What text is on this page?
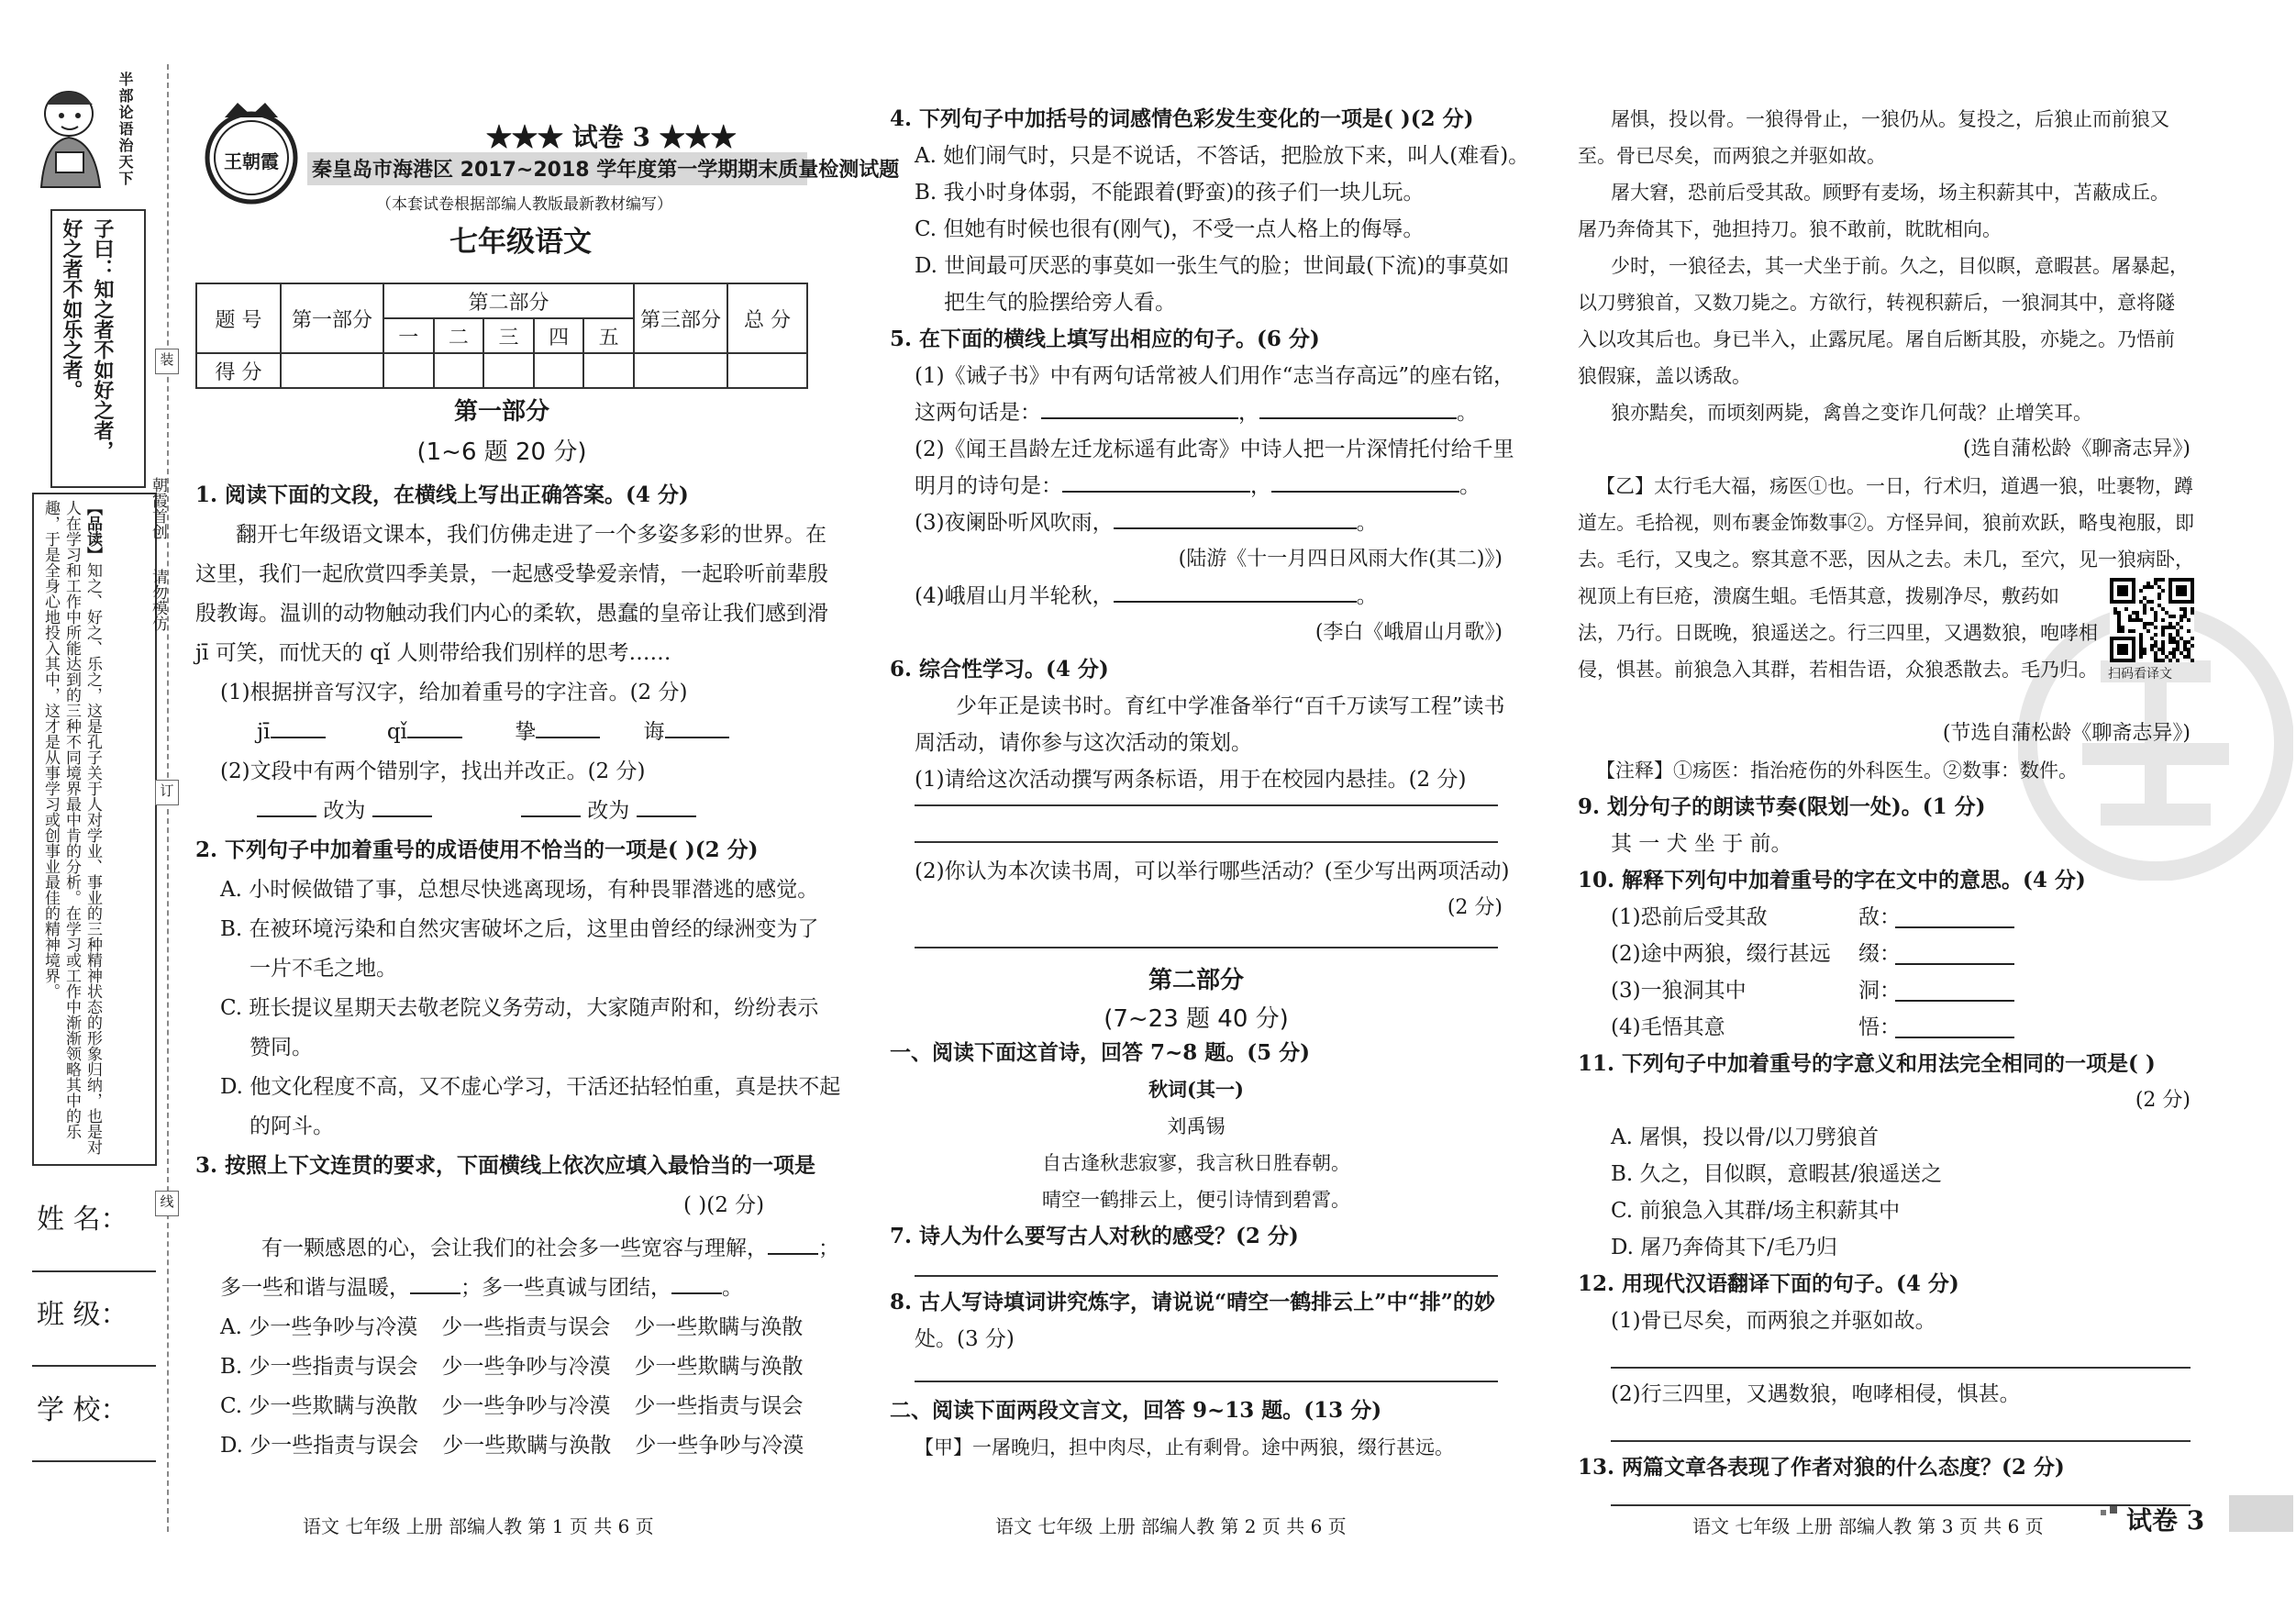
半部论语治天下
子曰：知之者不如好之者，好之者不如乐之者。
【品读】知之、好之、乐之，这是孔子关于人对学业、事业的三种精神状态的形象归纳，也是对人在学习和工作中所能达到的三种不同境界最中肯的分析。在学习或工作中渐渐领略其中的乐趣，于是全身心地投入其中，这才是从事学习或创事业最佳的精神境界。	朝霞首创
请勿模仿
装
订
线
姓 名：
班 级：
学 校：
王朝霞
★★★ 试卷 3 ★★★
秦皇岛市海港区 2017~2018 学年度第一学期期末质量检测试题
（本套试卷根据部编人教版最新教材编写）
七年级语文
题 号	第一部分	第二部分					第三部分	总 分
		一	二	三	四	五		
得 分								
第一部分
(1~6 题 20 分)
1. 阅读下面的文段，在横线上写出正确答案。(4 分)
翻开七年级语文课本，我们仿佛走进了一个多姿多彩的世界。在
这里，我们一起欣赏四季美景，一起感受挚爱亲情，一起聆听前辈殷
殷教诲。温训的动物触动我们内心的柔软，愚蠢的皇帝让我们感到滑
jī 可笑，而忧天的 qǐ 人则带给我们别样的思考……
(1)根据拼音写汉字，给加着重号的字注音。(2 分)
jī	qǐ	挚	诲
(2)文段中有两个错别字，找出并改正。(2 分)
改为	改为
2. 下列句子中加着重号的成语使用不恰当的一项是( )(2 分)
A. 小时候做错了事，总想尽快逃离现场，有种畏罪潜逃的感觉。
B. 在被环境污染和自然灾害破坏之后，这里由曾经的绿洲变为了
一片不毛之地。
C. 班长提议星期天去敬老院义务劳动，大家随声附和，纷纷表示
赞同。
D. 他文化程度不高，又不虚心学习，干活还拈轻怕重，真是扶不起
的阿斗。
3. 按照上下文连贯的要求，下面横线上依次应填入最恰当的一项是
( )(2 分)
有一颗感恩的心，会让我们的社会多一些宽容与理解， ；
多一些和谐与温暖， ；多一些真诚与团结， 。
A. 少一些争吵与冷漠 少一些指责与误会 少一些欺瞒与涣散
B. 少一些指责与误会 少一些争吵与冷漠 少一些欺瞒与涣散
C. 少一些欺瞒与涣散 少一些争吵与冷漠 少一些指责与误会
D. 少一些指责与误会 少一些欺瞒与涣散 少一些争吵与冷漠
语文 七年级 上册 部编人教 第 1 页 共 6 页
4. 下列句子中加括号的词感情色彩发生变化的一项是( )(2 分)
A. 她们闹气时，只是不说话，不答话，把脸放下来，叫人(难看)。
B. 我小时身体弱，不能跟着(野蛮)的孩子们一块儿玩。
C. 但她有时候也很有(刚气)，不受一点人格上的侮辱。
D. 世间最可厌恶的事莫如一张生气的脸；世间最(下流)的事莫如
把生气的脸摆给旁人看。
5. 在下面的横线上填写出相应的句子。(6 分)
(1)《诫子书》中有两句话常被人们用作“志当存高远”的座右铭，
这两句话是：	，	。
(2)《闻王昌龄左迁龙标遥有此寄》中诗人把一片深情托付给千里
明月的诗句是：	，	。
(3)夜阑卧听风吹雨，	。
(陆游《十一月四日风雨大作(其二)》)
(4)峨眉山月半轮秋，	。
(李白《峨眉山月歌》)
6. 综合性学习。(4 分)
少年正是读书时。育红中学准备举行“百千万读写工程”读书
周活动，请你参与这次活动的策划。
(1)请给这次活动撰写两条标语，用于在校园内悬挂。(2 分)
(2)你认为本次读书周，可以举行哪些活动？(至少写出两项活动)
(2 分)
第二部分
(7~23 题 40 分)
一、阅读下面这首诗，回答 7~8 题。(5 分)
秋词(其一)
刘禹锡
自古逢秋悲寂寥，我言秋日胜春朝。
晴空一鹤排云上，便引诗情到碧霄。
7. 诗人为什么要写古人对秋的感受？(2 分)
8. 古人写诗填词讲究炼字，请说说“晴空一鹤排云上”中“排”的妙
处。(3 分)
二、阅读下面两段文言文，回答 9~13 题。(13 分)
【甲】一屠晚归，担中肉尽，止有剩骨。途中两狼，缀行甚远。
语文 七年级 上册 部编人教 第 2 页 共 6 页
屠惧，投以骨。一狼得骨止，一狼仍从。复投之，后狼止而前狼又
至。骨已尽矣，而两狼之并驱如故。
屠大窘，恐前后受其敌。顾野有麦场，场主积薪其中，苫蔽成丘。
屠乃奔倚其下，弛担持刀。狼不敢前，眈眈相向。
少时，一狼径去，其一犬坐于前。久之，目似瞑，意暇甚。屠暴起，
以刀劈狼首，又数刀毙之。方欲行，转视积薪后，一狼洞其中，意将隧
入以攻其后也。身已半入，止露尻尾。屠自后断其股，亦毙之。乃悟前
狼假寐，盖以诱敌。
狼亦黠矣，而顷刻两毙，禽兽之变诈几何哉？止增笑耳。
(选自蒲松龄《聊斋志异》)
【乙】太行毛大福，疡医①也。一日，行术归，道遇一狼，吐裹物，蹲
道左。毛拾视，则布裹金饰数事②。方怪异间，狼前欢跃，略曳袍服，即
去。毛行，又曳之。察其意不恶，因从之去。未几，至穴，见一狼病卧，
视顶上有巨疮，溃腐生蛆。毛悟其意，拨剔净尽，敷药如
法，乃行。日既晚，狼遥送之。行三四里，又遇数狼，咆哮相
侵，惧甚。前狼急入其群，若相告语，众狼悉散去。毛乃归。 扫码看译文
(节选自蒲松龄《聊斋志异》)
【注释】①疡医：指治疮伤的外科医生。②数事：数件。
9. 划分句子的朗读节奏(限划一处)。(1 分)
其 一 犬 坐 于 前。
10. 解释下列句中加着重号的字在文中的意思。(4 分)
(1)恐前后受其敌	敌：
(2)途中两狼，缀行甚远 缀：
(3)一狼洞其中	洞：
(4)毛悟其意	悟：
11. 下列句子中加着重号的字意义和用法完全相同的一项是( )
(2 分)
A. 屠惧，投以骨/以刀劈狼首
B. 久之，目似瞑，意暇甚/狼遥送之
C. 前狼急入其群/场主积薪其中
D. 屠乃奔倚其下/毛乃归
12. 用现代汉语翻译下面的句子。(4 分)
(1)骨已尽矣，而两狼之并驱如故。
(2)行三四里，又遇数狼，咆哮相侵，惧甚。
13. 两篇文章各表现了作者对狼的什么态度？(2 分)
语文 七年级 上册 部编人教 第 3 页 共 6 页	试卷 3
